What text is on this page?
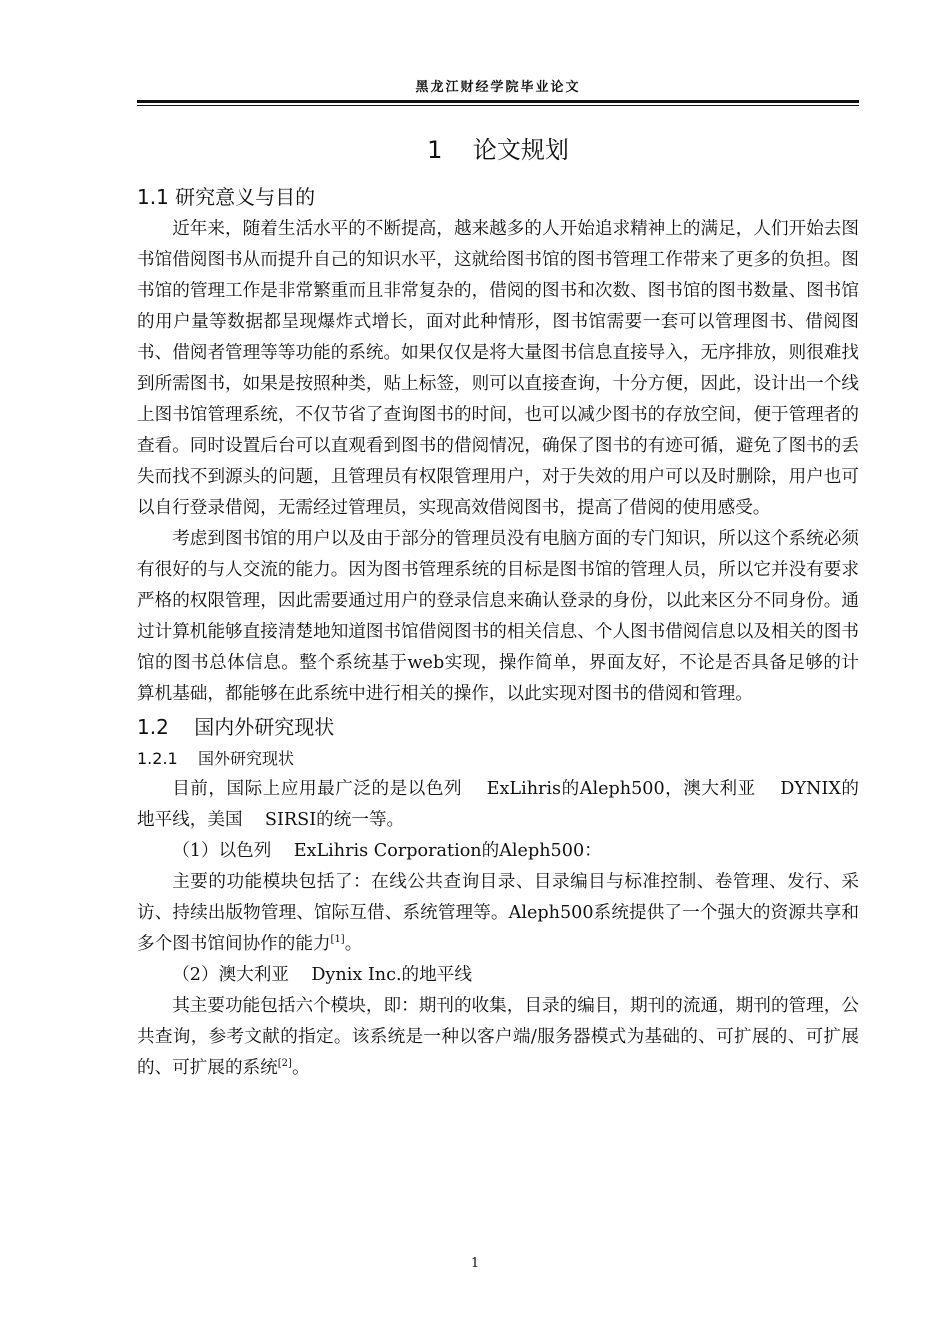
黑龙江财经学院毕业论文
1    论文规划
1.1 研究意义与目的

近年来，随着生活水平的不断提高，越来越多的人开始追求精神上的满足，人们开始去图书馆借阅图书从而提升自己的知识水平，这就给图书馆的图书管理工作带来了更多的负担。图书馆的管理工作是非常繁重而且非常复杂的，借阅的图书和次数、图书馆的图书数量、图书馆的用户量等数据都呈现爆炸式增长，面对此种情形，图书馆需要一套可以管理图书、借阅图书、借阅者管理等等功能的系统。如果仅仅是将大量图书信息直接导入，无序排放，则很难找到所需图书，如果是按照种类，贴上标签，则可以直接查询，十分方便，因此，设计出一个线上图书馆管理系统，不仅节省了查询图书的时间，也可以减少图书的存放空间，便于管理者的查看。同时设置后台可以直观看到图书的借阅情况，确保了图书的有迹可循，避免了图书的丢失而找不到源头的问题，且管理员有权限管理用户，对于失效的用户可以及时删除，用户也可以自行登录借阅，无需经过管理员，实现高效借阅图书，提高了借阅的使用感受。

考虑到图书馆的用户以及由于部分的管理员没有电脑方面的专门知识，所以这个系统必须有很好的与人交流的能力。因为图书管理系统的目标是图书馆的管理人员，所以它并没有要求严格的权限管理，因此需要通过用户的登录信息来确认登录的身份，以此来区分不同身份。通过计算机能够直接清楚地知道图书馆借阅图书的相关信息、个人图书借阅信息以及相关的图书馆的图书总体信息。整个系统基于web实现，操作简单，界面友好，不论是否具备足够的计算机基础，都能够在此系统中进行相关的操作，以此实现对图书的借阅和管理。

1.2    国内外研究现状
1.2.1    国外研究现状

目前，国际上应用最广泛的是以色列    ExLihris的Aleph500，澳大利亚    DYNIX的地平线，美国    SIRSI的统一等。

（1）以色列    ExLihris Corporation的Aleph500：

主要的功能模块包括了：在线公共查询目录、目录编目与标准控制、卷管理、发行、采访、持续出版物管理、馆际互借、系统管理等。Aleph500系统提供了一个强大的资源共享和多个图书馆间协作的能力[1]。

（2）澳大利亚    Dynix Inc.的地平线

其主要功能包括六个模块，即：期刊的收集，目录的编目，期刊的流通，期刊的管理，公共查询，参考文献的指定。该系统是一种以客户端/服务器模式为基础的、可扩展的、可扩展的、可扩展的系统[2]。

1
